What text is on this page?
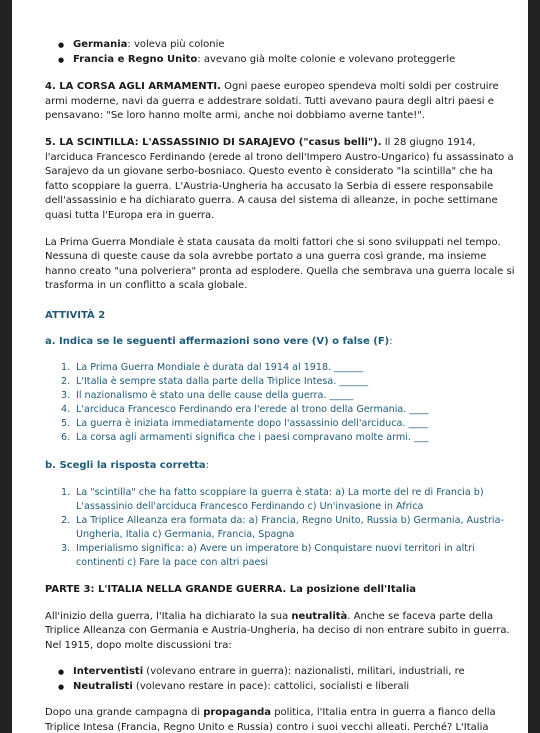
● Germania: voleva più colonie
● Francia e Regno Unito: avevano già molte colonie e volevano proteggerle

4. LA CORSA AGLI ARMAMENTI. Ogni paese europeo spendeva molti soldi per costruire armi moderne, navi da guerra e addestrare soldati. Tutti avevano paura degli altri paesi e pensavano: "Se loro hanno molte armi, anche noi dobbiamo averne tante!".

5. LA SCINTILLA: L'ASSASSINIO DI SARAJEVO ("casus belli"). Il 28 giugno 1914, l'arciduca Francesco Ferdinando (erede al trono dell'Impero Austro-Ungarico) fu assassinato a Sarajevo da un giovane serbo-bosniaco. Questo evento è considerato "la scintilla" che ha fatto scoppiare la guerra. L'Austria-Ungheria ha accusato la Serbia di essere responsabile dell'assassinio e ha dichiarato guerra. A causa del sistema di alleanze, in poche settimane quasi tutta l'Europa era in guerra.

La Prima Guerra Mondiale è stata causata da molti fattori che si sono sviluppati nel tempo. Nessuna di queste cause da sola avrebbe portato a una guerra così grande, ma insieme hanno creato "una polveriera" pronta ad esplodere. Quella che sembrava una guerra locale si trasforma in un conflitto a scala globale.

ATTIVITÀ 2
a. Indica se le seguenti affermazioni sono vere (V) o false (F):
1. La Prima Guerra Mondiale è durata dal 1914 al 1918. ______
2. L'Italia è sempre stata dalla parte della Triplice Intesa. ______
3. Il nazionalismo è stato una delle cause della guerra. _____
4. L'arciduca Francesco Ferdinando era l'erede al trono della Germania. ____
5. La guerra è iniziata immediatamente dopo l'assassinio dell'arciduca. ____
6. La corsa agli armamenti significa che i paesi compravano molte armi. ___
b. Scegli la risposta corretta:
1. La "scintilla" che ha fatto scoppiare la guerra è stata: a) La morte del re di Francia b) L'assassinio dell'arciduca Francesco Ferdinando c) Un'invasione in Africa
2. La Triplice Alleanza era formata da: a) Francia, Regno Unito, Russia b) Germania, Austria-Ungheria, Italia c) Germania, Francia, Spagna
3. Imperialismo significa: a) Avere un imperatore b) Conquistare nuovi territori in altri continenti c) Fare la pace con altri paesi

PARTE 3: L'ITALIA NELLA GRANDE GUERRA. La posizione dell'Italia

All'inizio della guerra, l'Italia ha dichiarato la sua neutralità. Anche se faceva parte della Triplice Alleanza con Germania e Austria-Ungheria, ha deciso di non entrare subito in guerra. Nel 1915, dopo molte discussioni tra:

● Interventisti (volevano entrare in guerra): nazionalisti, militari, industriali, re
● Neutralisti (volevano restare in pace): cattolici, socialisti e liberali

Dopo una grande campagna di propaganda politica, l'Italia entra in guerra a fianco della Triplice Intesa (Francia, Regno Unito e Russia) contro i suoi vecchi alleati. Perché? L'Italia
